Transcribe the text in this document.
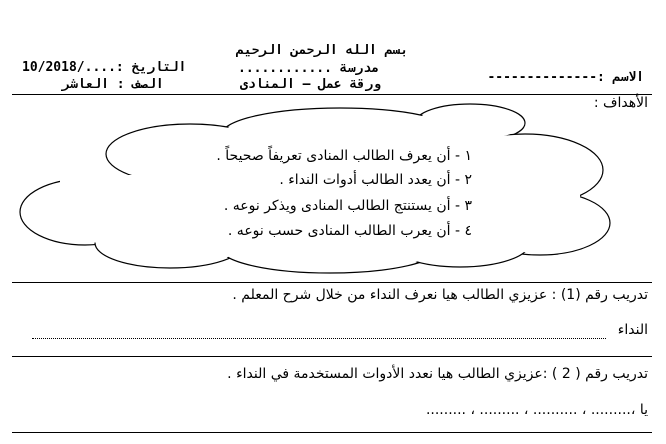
بسم الله الرحمن الرحيم
مدرسة ............
ورقة عمل – المنادى
التاريخ :..../10/2018
الصف : العاشر	الاسم :--------------
الأهداف :
١ - أن يعرف الطالب المنادى تعريفاً صحيحاً .
٢ - أن يعدد الطالب أدوات النداء .
٣ - أن يستنتج الطالب المنادى ويذكر نوعه .
٤ - أن يعرب الطالب المنادى حسب نوعه .
تدريب رقم (1) : عزيزي الطالب هيا نعرف النداء من خلال شرح المعلم .
النداء
تدريب رقم ( 2 ) :عزيزي الطالب هيا نعدد الأدوات المستخدمة في النداء .
يا ،......... ، .......... ، ......... ، .........
